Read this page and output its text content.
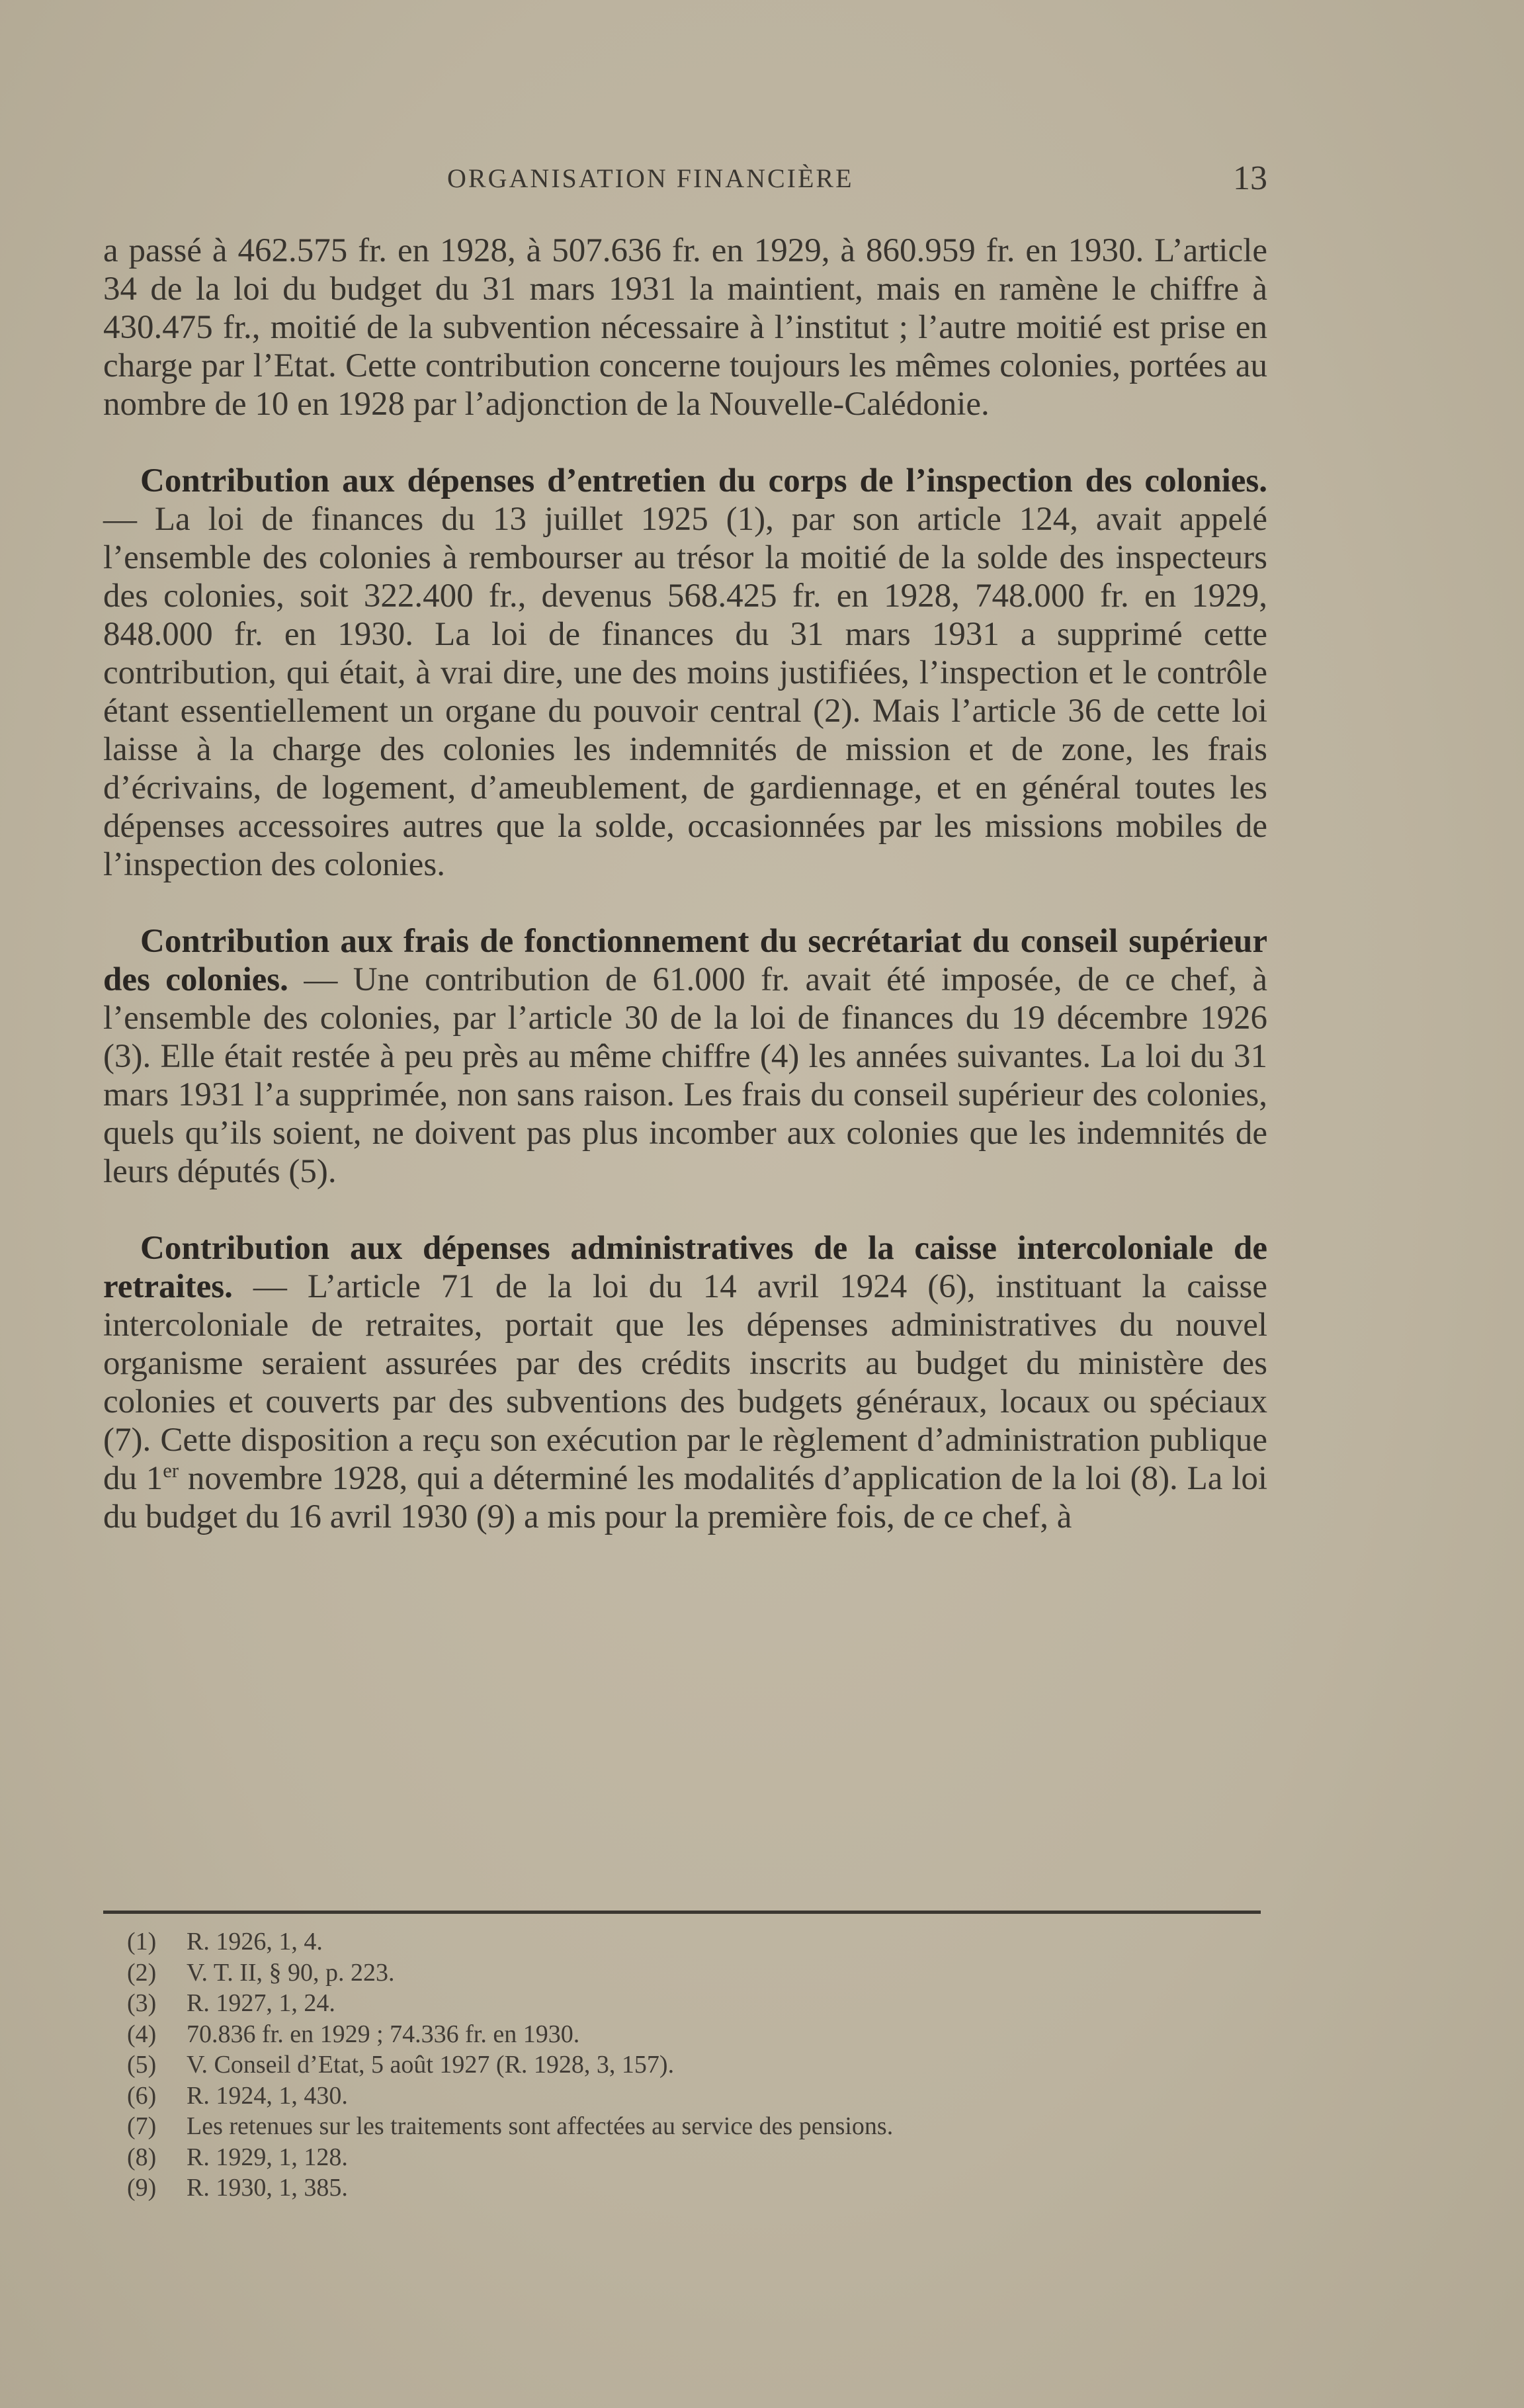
ORGANISATION FINANCIÈRE	13

a passé à 462.575 fr. en 1928, à 507.636 fr. en 1929, à 860.959 fr. en 1930. L’article 34 de la loi du budget du 31 mars 1931 la maintient, mais en ramène le chiffre à 430.475 fr., moitié de la subvention nécessaire à l’institut ; l’autre moitié est prise en charge par l’Etat. Cette contribution concerne toujours les mêmes colonies, portées au nombre de 10 en 1928 par l’adjonction de la Nouvelle-Calédonie.

Contribution aux dépenses d’entretien du corps de l’inspection des colonies. — La loi de finances du 13 juillet 1925 (1), par son article 124, avait appelé l’ensemble des colonies à rembourser au trésor la moitié de la solde des inspecteurs des colonies, soit 322.400 fr., devenus 568.425 fr. en 1928, 748.000 fr. en 1929, 848.000 fr. en 1930. La loi de finances du 31 mars 1931 a supprimé cette contribution, qui était, à vrai dire, une des moins justifiées, l’inspection et le contrôle étant essentiellement un organe du pouvoir central (2). Mais l’article 36 de cette loi laisse à la charge des colonies les indemnités de mission et de zone, les frais d’écrivains, de logement, d’ameublement, de gardiennage, et en général toutes les dépenses accessoires autres que la solde, occasionnées par les missions mobiles de l’inspection des colonies.

Contribution aux frais de fonctionnement du secrétariat du conseil supérieur des colonies. — Une contribution de 61.000 fr. avait été imposée, de ce chef, à l’ensemble des colonies, par l’article 30 de la loi de finances du 19 décembre 1926 (3). Elle était restée à peu près au même chiffre (4) les années suivantes. La loi du 31 mars 1931 l’a supprimée, non sans raison. Les frais du conseil supérieur des colonies, quels qu’ils soient, ne doivent pas plus incomber aux colonies que les indemnités de leurs députés (5).

Contribution aux dépenses administratives de la caisse intercoloniale de retraites. — L’article 71 de la loi du 14 avril 1924 (6), instituant la caisse intercoloniale de retraites, portait que les dépenses administratives du nouvel organisme seraient assurées par des crédits inscrits au budget du ministère des colonies et couverts par des subventions des budgets généraux, locaux ou spéciaux (7). Cette disposition a reçu son exécution par le règlement d’administration publique du 1er novembre 1928, qui a déterminé les modalités d’application de la loi (8). La loi du budget du 16 avril 1930 (9) a mis pour la première fois, de ce chef, à

(1) R. 1926, 1, 4.
(2) V. T. II, § 90, p. 223.
(3) R. 1927, 1, 24.
(4) 70.836 fr. en 1929 ; 74.336 fr. en 1930.
(5) V. Conseil d’Etat, 5 août 1927 (R. 1928, 3, 157).
(6) R. 1924, 1, 430.
(7) Les retenues sur les traitements sont affectées au service des pensions.
(8) R. 1929, 1, 128.
(9) R. 1930, 1, 385.
